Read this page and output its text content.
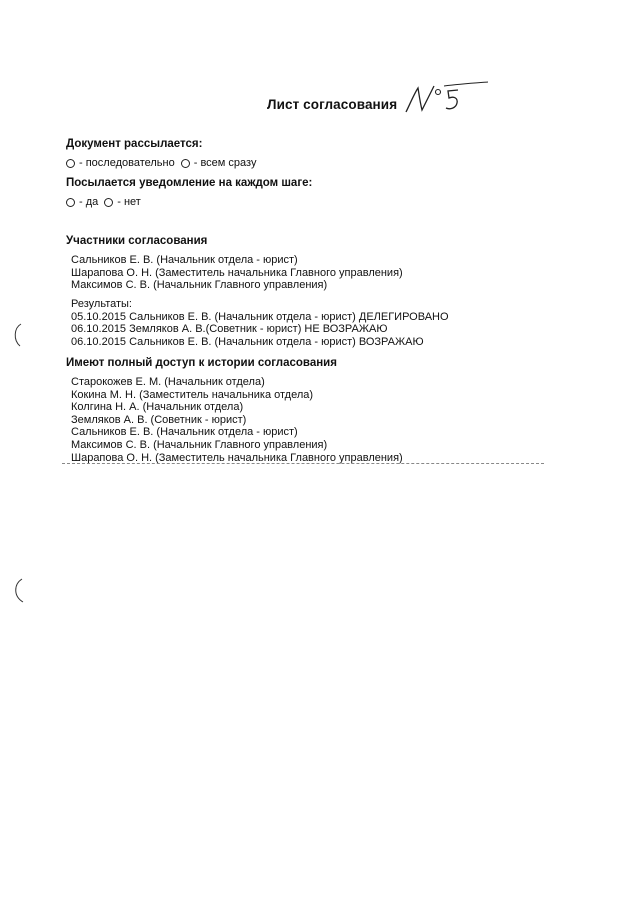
Лист согласования
Документ рассылается:
- последовательно - всем сразу
Посылается уведомление на каждом шаге:
- да - нет
Участники согласования
Сальников Е. В. (Начальник отдела - юрист)
Шарапова О. Н. (Заместитель начальника Главного управления)
Максимов С. В. (Начальник Главного управления)
Результаты:
05.10.2015 Сальников Е. В. (Начальник отдела - юрист) ДЕЛЕГИРОВАНО
06.10.2015 Земляков А. В.(Советник - юрист) НЕ ВОЗРАЖАЮ
06.10.2015 Сальников Е. В. (Начальник отдела - юрист) ВОЗРАЖАЮ
Имеют полный доступ к истории согласования
Старокожев Е. М. (Начальник отдела)
Кокина М. Н. (Заместитель начальника отдела)
Колгина Н. А. (Начальник отдела)
Земляков А. В. (Советник - юрист)
Сальников Е. В. (Начальник отдела - юрист)
Максимов С. В. (Начальник Главного управления)
Шарапова О. Н. (Заместитель начальника Главного управления)
